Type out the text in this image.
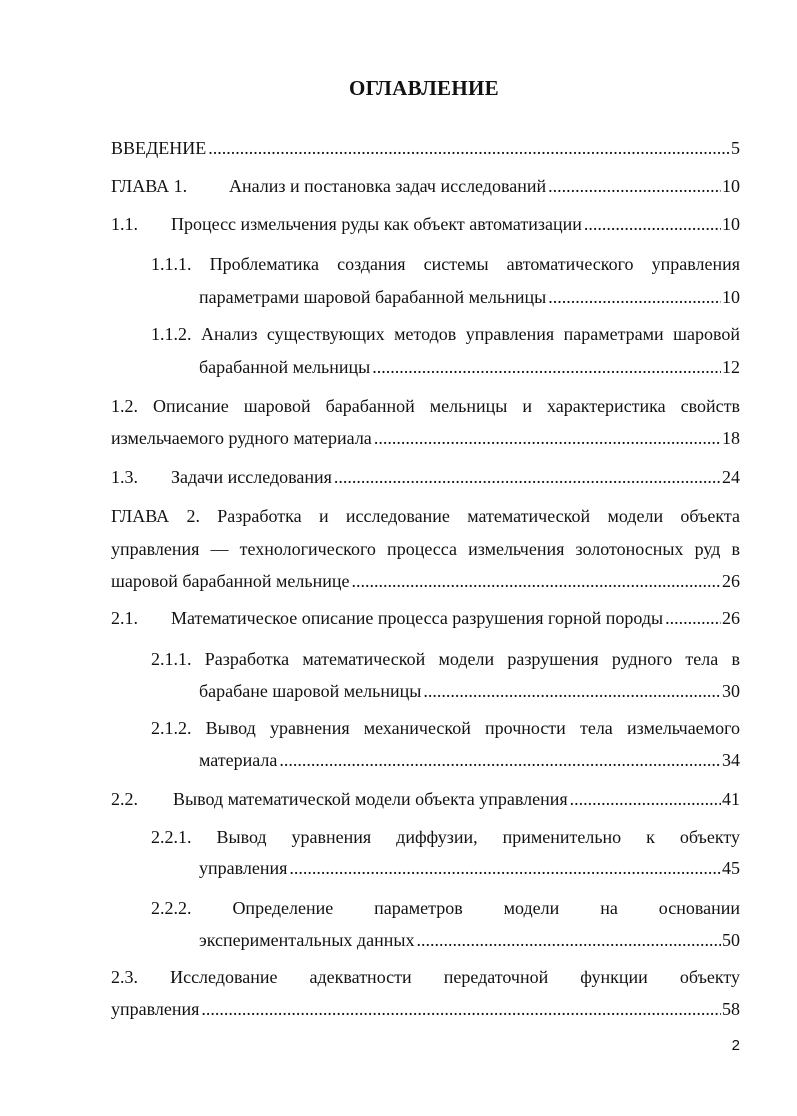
ОГЛАВЛЕНИЕ
ВВЕДЕНИЕ .....	5
ГЛАВА 1.	Анализ и постановка задач исследований .....	10
1.1.	Процесс измельчения руды как объект автоматизации .....	10
1.1.1. Проблематика создания системы автоматического управления
параметрами шаровой барабанной мельницы .....	10
1.1.2. Анализ существующих методов управления параметрами шаровой
барабанной мельницы .....	12
1.2. Описание шаровой барабанной мельницы и характеристика свойств
измельчаемого рудного материала .....	18
1.3.	Задачи исследования .....	24
ГЛАВА 2. Разработка и исследование математической модели объекта
управления — технологического процесса измельчения золотоносных руд в
шаровой барабанной мельнице .....	26
2.1.	Математическое описание процесса разрушения горной породы .....	26
2.1.1. Разработка математической модели разрушения рудного тела в
барабане шаровой мельницы .....	30
2.1.2. Вывод уравнения механической прочности тела измельчаемого
материала .....	34
2.2.	Вывод математической модели объекта управления .....	41
2.2.1. Вывод уравнения диффузии, применительно к объекту
управления .....	45
2.2.2. Определение параметров модели на основании
экспериментальных данных .....	50
2.3. Исследование адекватности передаточной функции объекту
управления .....	58
2
